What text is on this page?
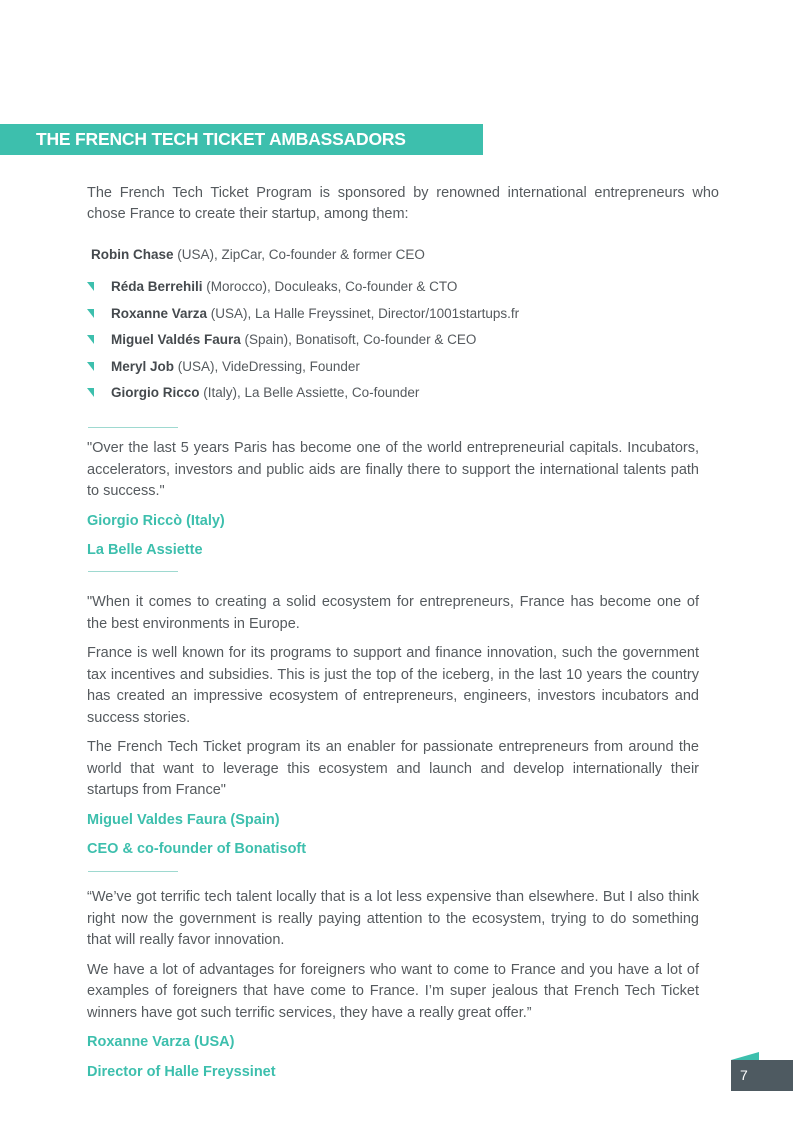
THE FRENCH TECH TICKET AMBASSADORS

The French Tech Ticket Program is sponsored by renowned international entrepreneurs who chose France to create their startup, among them:

Robin Chase (USA), ZipCar, Co-founder & former CEO

Réda Berrehili (Morocco), Doculeaks, Co-founder & CTO
Roxanne Varza (USA), La Halle Freyssinet, Director/1001startups.fr
Miguel Valdés Faura (Spain), Bonatisoft, Co-founder & CEO
Meryl Job (USA), VideDressing, Founder
Giorgio Ricco (Italy), La Belle Assiette, Co-founder

"Over the last 5 years Paris has become one of the world entrepreneurial capitals. Incubators, accelerators, investors and public aids are finally there to support the international talents path to success."

Giorgio Riccò (Italy)

La Belle Assiette

"When it comes to creating a solid ecosystem for entrepreneurs, France has become one of the best environments in Europe.

France is well known for its programs to support and finance innovation, such the government tax incentives and subsidies. This is just the top of the iceberg, in the last 10 years the country has created an impressive ecosystem of entrepreneurs, engineers, investors incubators and success stories.

The French Tech Ticket program its an enabler for passionate entrepreneurs from around the world that want to leverage this ecosystem and launch and develop internationally their startups from France"

Miguel Valdes Faura (Spain)

CEO & co-founder of Bonatisoft

“We’ve got terrific tech talent locally that is a lot less expensive than elsewhere. But I also think right now the government is really paying attention to the ecosystem, trying to do something that will really favor innovation.

We have a lot of advantages for foreigners who want to come to France and you have a lot of examples of foreigners that have come to France. I’m super jealous that French Tech Ticket winners have got such terrific services, they have a really great offer.”

Roxanne Varza (USA)

Director of Halle Freyssinet	7
